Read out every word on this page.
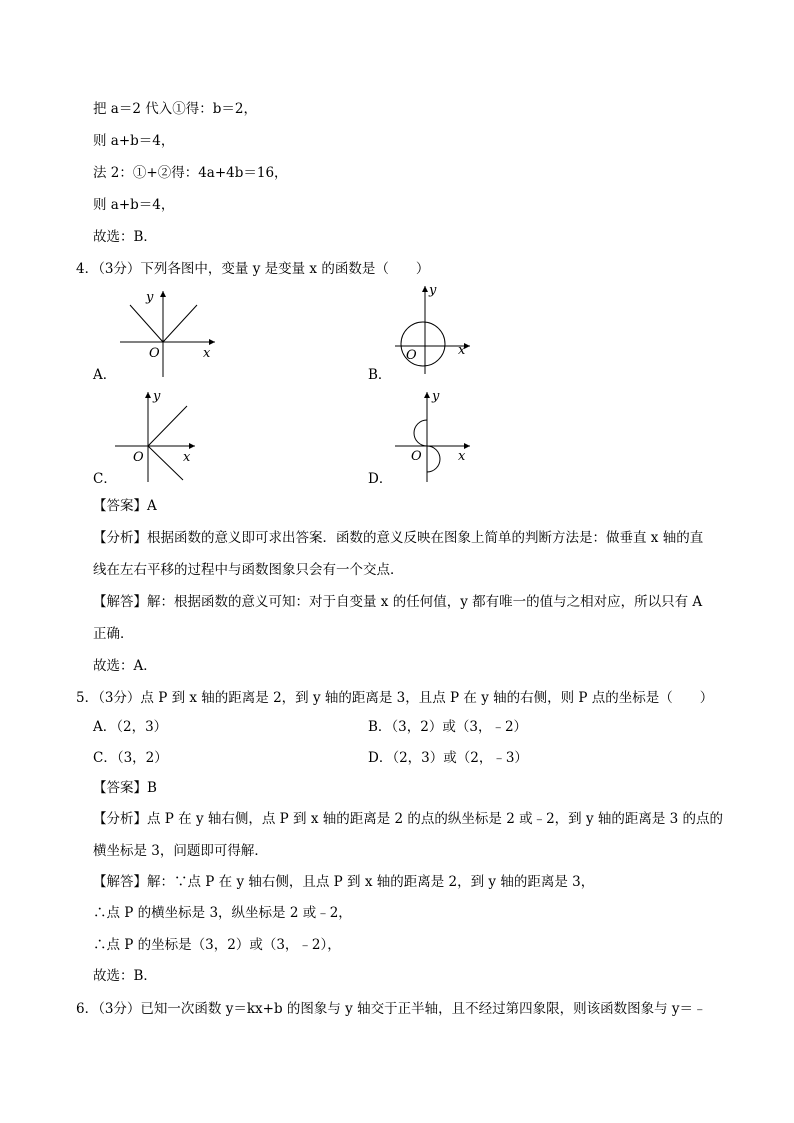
把 a＝2 代入①得：b＝2，
则 a+b＝4，
法 2：①+②得：4a+4b＝16，
则 a+b＝4，
故选：B．
4．（3分）下列各图中，变量 y 是变量 x 的函数是（　　）
y
O	x
A．
y
O	x
B．
y
O	x
C．
y
O	x
D．
【答案】A
【分析】根据函数的意义即可求出答案．函数的意义反映在图象上简单的判断方法是：做垂直 x 轴的直
线在左右平移的过程中与函数图象只会有一个交点．
【解答】解：根据函数的意义可知：对于自变量 x 的任何值，y 都有唯一的值与之相对应，所以只有 A
正确．
故选：A．
5．（3分）点 P 到 x 轴的距离是 2，到 y 轴的距离是 3，且点 P 在 y 轴的右侧，则 P 点的坐标是（　　）
A．（2，3）	B．（3，2）或（3，﹣2）
C．（3，2）	D．（2，3）或（2，﹣3）
【答案】B
【分析】点 P 在 y 轴右侧，点 P 到 x 轴的距离是 2 的点的纵坐标是 2 或﹣2，到 y 轴的距离是 3 的点的
横坐标是 3，问题即可得解．
【解答】解：∵点 P 在 y 轴右侧，且点 P 到 x 轴的距离是 2，到 y 轴的距离是 3，
∴点 P 的横坐标是 3，纵坐标是 2 或﹣2，
∴点 P 的坐标是（3，2）或（3，﹣2），
故选：B．
6．（3分）已知一次函数 y＝kx+b 的图象与 y 轴交于正半轴，且不经过第四象限，则该函数图象与 y＝﹣
